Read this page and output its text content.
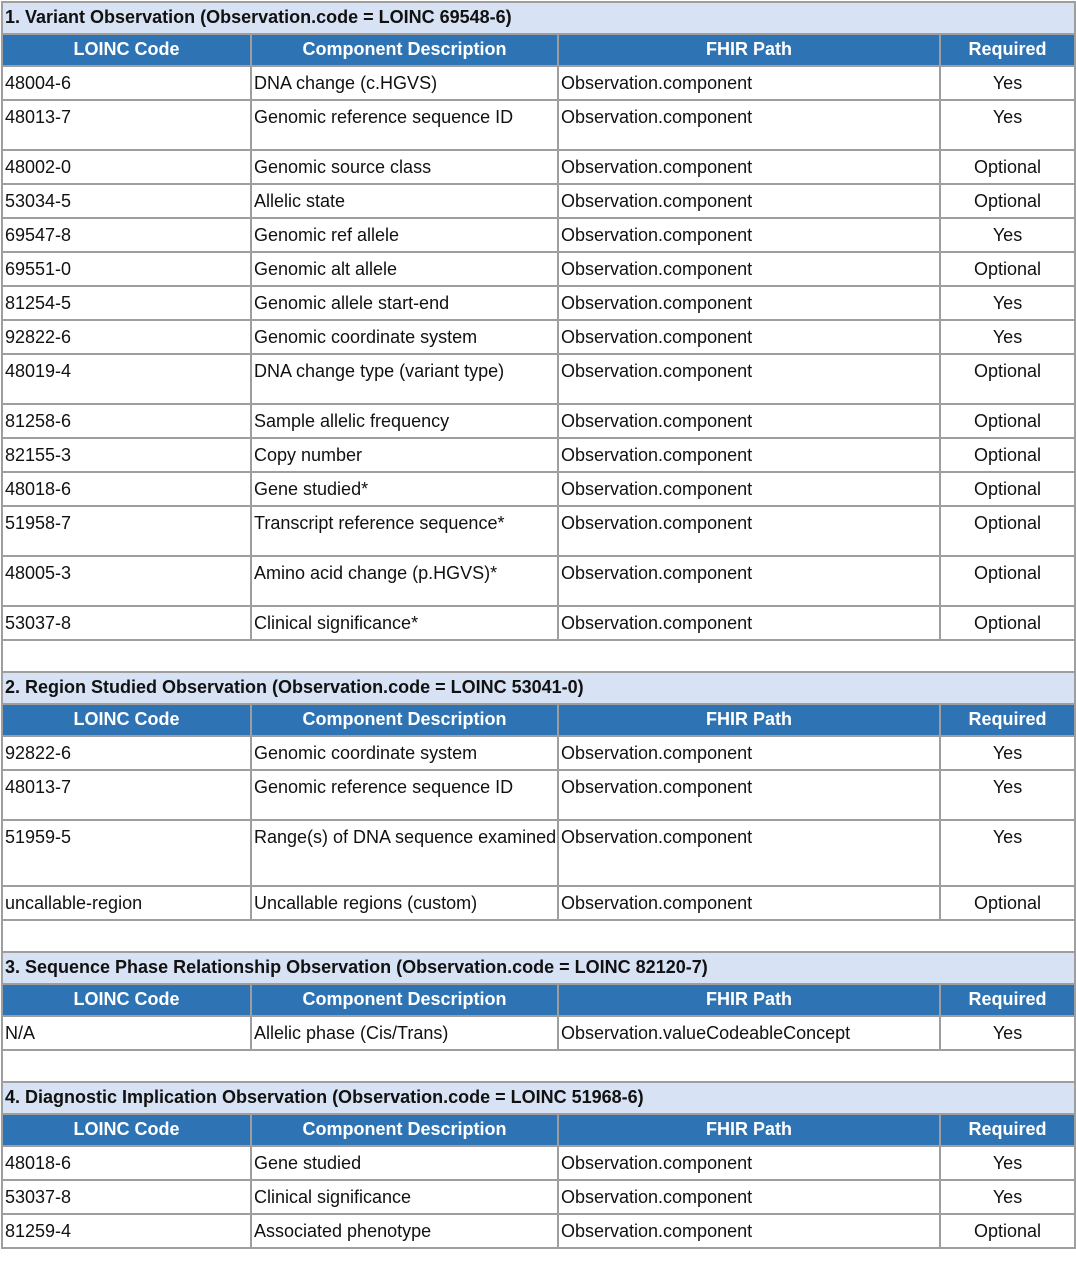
1. Variant Observation (Observation.code = LOINC 69548-6)			
LOINC Code	Component Description	FHIR Path	Required
48004-6	DNA change (c.HGVS)	Observation.component	Yes
48013-7	Genomic reference sequence ID	Observation.component	Yes
48002-0	Genomic source class	Observation.component	Optional
53034-5	Allelic state	Observation.component	Optional
69547-8	Genomic ref allele	Observation.component	Yes
69551-0	Genomic alt allele	Observation.component	Optional
81254-5	Genomic allele start-end	Observation.component	Yes
92822-6	Genomic coordinate system	Observation.component	Yes
48019-4	DNA change type (variant type)	Observation.component	Optional
81258-6	Sample allelic frequency	Observation.component	Optional
82155-3	Copy number	Observation.component	Optional
48018-6	Gene studied*	Observation.component	Optional
51958-7	Transcript reference sequence*	Observation.component	Optional
48005-3	Amino acid change (p.HGVS)*	Observation.component	Optional
53037-8	Clinical significance*	Observation.component	Optional

2. Region Studied Observation (Observation.code = LOINC 53041-0)			
LOINC Code	Component Description	FHIR Path	Required
92822-6	Genomic coordinate system	Observation.component	Yes
48013-7	Genomic reference sequence ID	Observation.component	Yes
51959-5	Range(s) of DNA sequence examined	Observation.component	Yes
uncallable-region	Uncallable regions (custom)	Observation.component	Optional

3. Sequence Phase Relationship Observation (Observation.code = LOINC 82120-7)			
LOINC Code	Component Description	FHIR Path	Required
N/A	Allelic phase (Cis/Trans)	Observation.valueCodeableConcept	Yes

4. Diagnostic Implication Observation (Observation.code = LOINC 51968-6)			
LOINC Code	Component Description	FHIR Path	Required
48018-6	Gene studied	Observation.component	Yes
53037-8	Clinical significance	Observation.component	Yes
81259-4	Associated phenotype	Observation.component	Optional
